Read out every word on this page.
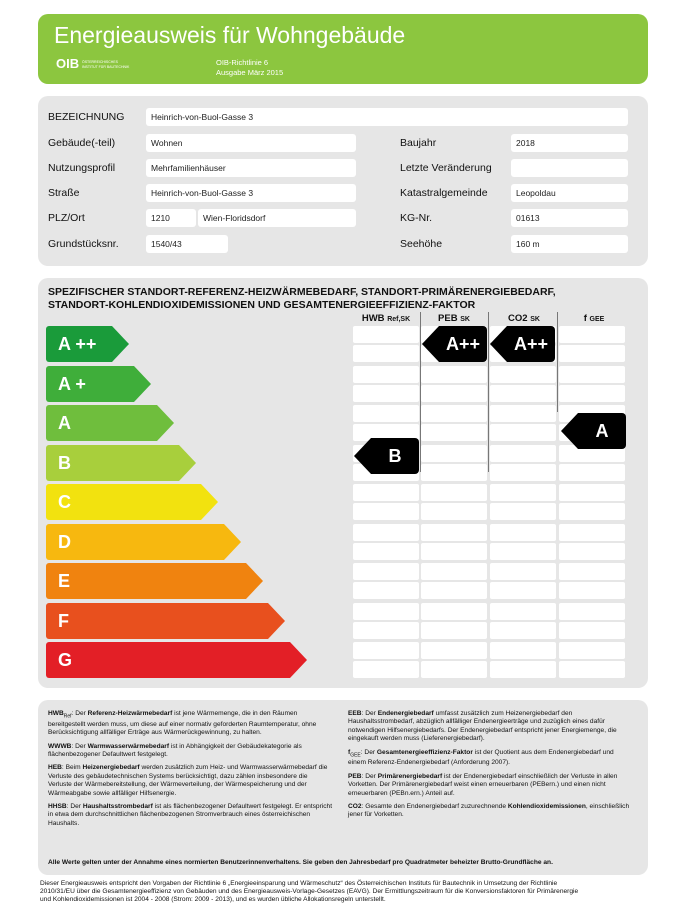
Energieausweis für Wohngebäude
OIB ÖSTERREICHISCHES
INSTITUT FÜR BAUTECHNIK	OIB-Richtlinie 6
Ausgabe März 2015
BEZEICHNUNG	Heinrich-von-Buol-Gasse 3
Gebäude(-teil)	Wohnen
Nutzungsprofil	Mehrfamilienhäuser
Straße	Heinrich-von-Buol-Gasse 3
PLZ/Ort	1210	Wien-Floridsdorf
Grundstücksnr.	1540/43
Baujahr	2018
Letzte Veränderung
Katastralgemeinde	Leopoldau
KG-Nr.	01613
Seehöhe	160 m
SPEZIFISCHER STANDORT-REFERENZ-HEIZWÄRMEBEDARF, STANDORT-PRIMÄRENERGIEBEDARF,
STANDORT-KOHLENDIOXIDEMISSIONEN UND GESAMTENERGIEEFFIZIENZ-FAKTOR
HWB Ref,SK	PEB SK	CO2 SK	f GEE
A ++
A +
A
B
C
D
E
F
G
B
A++	A++
A

$HWB_{Ref}$: Der Referenz-Heizwärmebedarf ist jene Wärmemenge, die in den Räumen bereitgestellt werden muss, um diese auf einer normativ geforderten Raumtemperatur, ohne Berücksichtigung allfälliger Erträge aus Wärmerückgewinnung, zu halten.

WWWB: Der Warmwasserwärmebedarf ist in Abhängigkeit der Gebäudekategorie als flächenbezogener Defaultwert festgelegt.

HEB: Beim Heizenergiebedarf werden zusätzlich zum Heiz- und Warmwasserwärmebedarf die Verluste des gebäudetechnischen Systems berücksichtigt, dazu zählen insbesondere die Verluste der Wärmebereitstellung, der Wärmeverteilung, der Wärmespeicherung und der Wärmeabgabe sowie allfälliger Hilfsenergie.

HHSB: Der Haushaltsstrombedarf ist als flächenbezogener Defaultwert festgelegt. Er entspricht in etwa dem durchschnittlichen flächenbezogenen Stromverbrauch eines österreichischen Haushalts.

EEB: Der Endenergiebedarf umfasst zusätzlich zum Heizenergiebedarf den Haushaltsstrombedarf, abzüglich allfälliger Endenergieerträge und zuzüglich eines dafür notwendigen Hilfsenergiebedarfs. Der Endenergiebedarf entspricht jener Energiemenge, die eingekauft werden muss (Lieferenergiebedarf).

$f_{GEE}$: Der Gesamtenergieeffizienz-Faktor ist der Quotient aus dem Endenergiebedarf und einem Referenz-Endenergiebedarf (Anforderung 2007).

PEB: Der Primärenergiebedarf ist der Endenergiebedarf einschließlich der Verluste in allen Vorketten. Der Primärenergiebedarf weist einen erneuerbaren (PEBern.) und einen nicht erneuerbaren (PEBn.ern.) Anteil auf.

CO2: Gesamte den Endenergiebedarf zuzurechnende Kohlendioxidemissionen, einschließlich jener für Vorketten.

Alle Werte gelten unter der Annahme eines normierten Benutzerinnenverhaltens. Sie geben den Jahresbedarf pro Quadratmeter beheizter Brutto-Grundfläche an.
Dieser Energieausweis entspricht den Vorgaben der Richtlinie 6 „Energieeinsparung und Wärmeschutz“ des Österreichischen Instituts für Bautechnik in Umsetzung der Richtlinie
2010/31/EU über die Gesamtenergieeffizienz von Gebäuden und des Energieausweis-Vorlage-Gesetzes (EAVG). Der Ermittlungszeitraum für die Konversionsfaktoren für Primärenergie
und Kohlendioxidemissionen ist 2004 - 2008 (Strom: 2009 - 2013), und es wurden übliche Allokationsregeln unterstellt.
